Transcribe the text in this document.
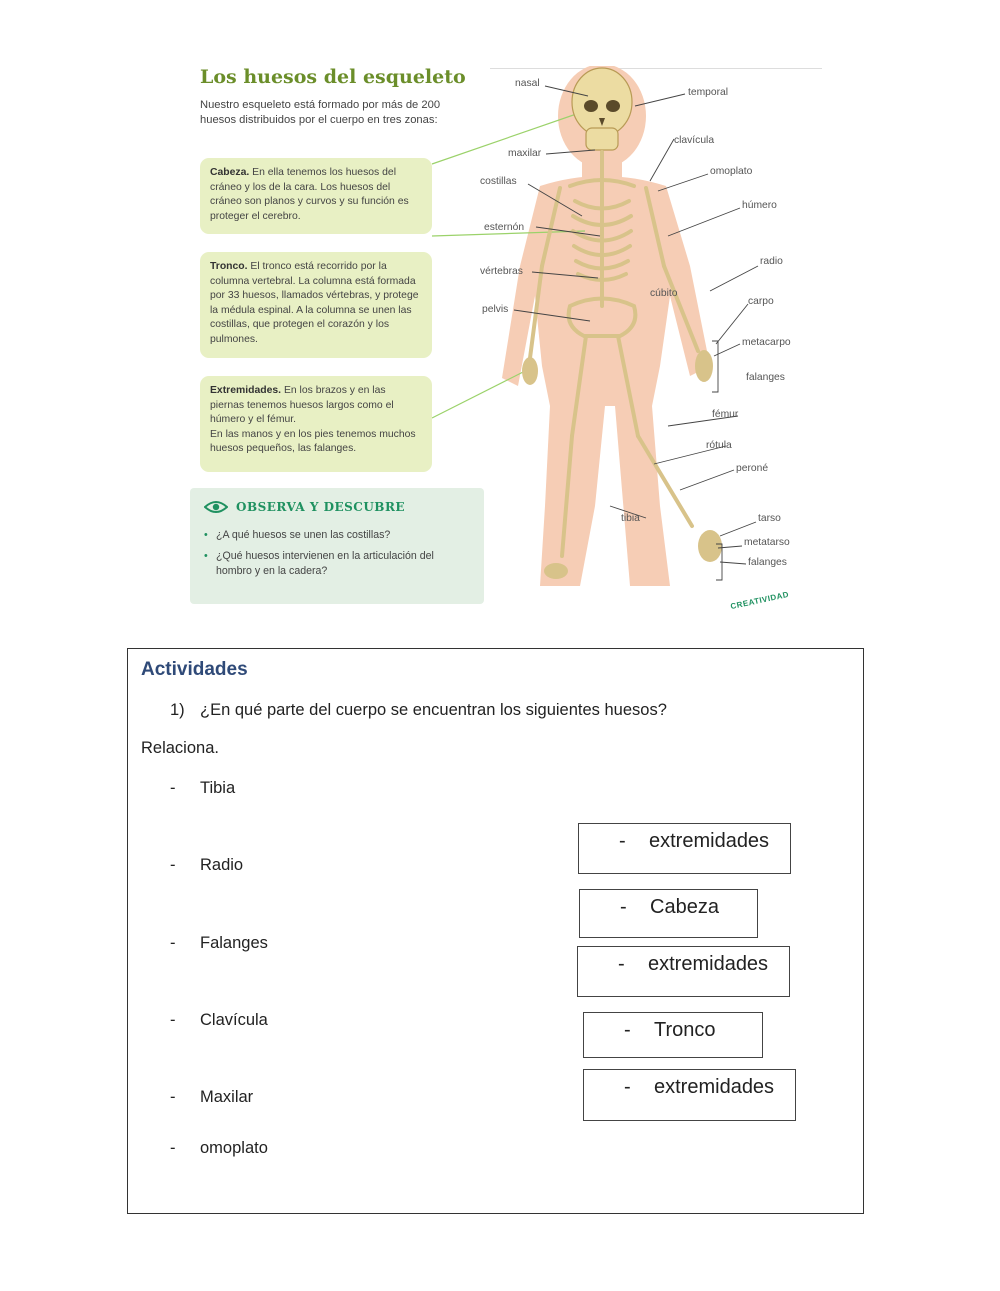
Los huesos del esqueleto
Nuestro esqueleto está formado por más de 200 huesos distribuidos por el cuerpo en tres zonas:

Cabeza. En ella tenemos los huesos del cráneo y los de la cara. Los huesos del cráneo son planos y curvos y su función es proteger el cerebro.

Tronco. El tronco está recorrido por la columna vertebral. La columna está formada por 33 huesos, llamados vértebras, y protege la médula espinal. A la columna se unen las costillas, que protegen el corazón y los pulmones.

Extremidades. En los brazos y en las piernas tenemos huesos largos como el húmero y el fémur.

En las manos y en los pies tenemos muchos huesos pequeños, las falanges.

OBSERVA Y DESCUBRE
• ¿A qué huesos se unen las costillas?
• ¿Qué huesos intervienen en la articulación del hombro y en la cadera?
nasal
temporal
maxilar
clavícula
costillas
omoplato
húmero
esternón
radio
vértebras
cúbito
carpo
pelvis
metacarpo
falanges
fémur
rótula
peroné
tibia	tarso
metatarso
falanges
CREATIVIDAD
Actividades
1) ¿En qué parte del cuerpo se encuentran los siguientes huesos?
Relaciona.
- Tibia
- Radio
- Falanges
- Clavícula
- Maxilar
- omoplato
- extremidades
- Cabeza
- extremidades
- Tronco
- extremidades
